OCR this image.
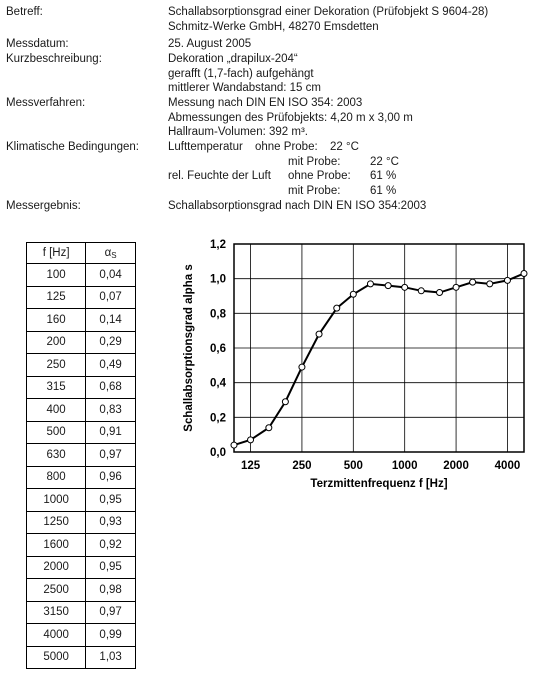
Betreff:	Schallabsorptionsgrad einer Dekoration (Prüfobjekt S 9604-28)
Schmitz-Werke GmbH, 48270 Emsdetten
Messdatum:	25. August 2005
Kurzbeschreibung:	Dekoration „drapilux-204“
gerafft (1,7-fach) aufgehängt
mittlerer Wandabstand: 15 cm
Messverfahren:	Messung nach DIN EN ISO 354: 2003
Abmessungen des Prüfobjekts: 4,20 m x 3,00 m
Hallraum-Volumen: 392 m³.
Klimatische Bedingungen:	Lufttemperatur ohne Probe: 22 °C
mit Probe:	22 °C
rel. Feuchte der Luft ohne Probe: 61 %
mit Probe:	61 %
Messergebnis:	Schallabsorptionsgrad nach DIN EN ISO 354:2003
f [Hz]	$\alpha_S$
100	0,04
125	0,07
160	0,14
200	0,29
250	0,49
315	0,68
400	0,83
500	0,91
630	0,97
800	0,96
1000	0,95
1250	0,93
1600	0,92
2000	0,95
2500	0,98
3150	0,97
4000	0,99
5000	1,03
0,0
0,2
0,4
0,6
0,8
1,0
1,2
125	250	500	1000 2000 4000
Terzmittenfrequenz f [Hz]
Schallabsorptionsgrad alpha s
